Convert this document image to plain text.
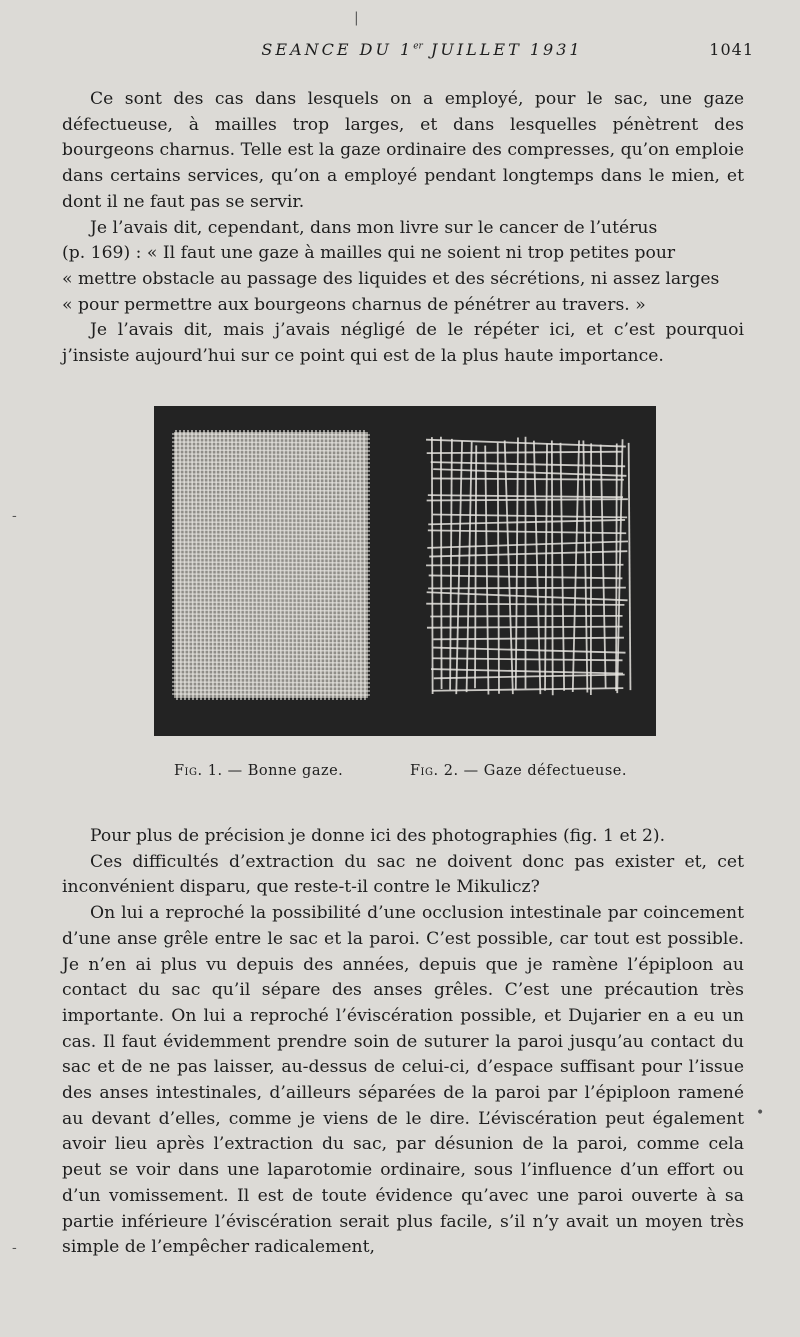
SEANCE DU 1er JUILLET 1931	1041

Ce sont des cas dans lesquels on a employé, pour le sac, une gaze défectueuse, à mailles trop larges, et dans lesquelles pénètrent des bourgeons charnus. Telle est la gaze ordinaire des compresses, qu’on emploie dans certains services, qu’on a employé pendant longtemps dans le mien, et dont il ne faut pas se servir.

Je l’avais dit, cependant, dans mon livre sur le cancer de l’utérus

(p. 169) : « Il faut une gaze à mailles qui ne soient ni trop petites pour

« mettre obstacle au passage des liquides et des sécrétions, ni assez larges

« pour permettre aux bourgeons charnus de pénétrer au travers. »

Je l’avais dit, mais j’avais négligé de le répéter ici, et c’est pourquoi j’insiste aujourd’hui sur ce point qui est de la plus haute importance.

Fig. 1. — Bonne gaze.	Fig. 2. — Gaze défectueuse.

Pour plus de précision je donne ici des photographies (fig. 1 et 2).

Ces difficultés d’extraction du sac ne doivent donc pas exister et, cet inconvénient disparu, que reste-t-il contre le Mikulicz?

On lui a reproché la possibilité d’une occlusion intestinale par coincement d’une anse grêle entre le sac et la paroi. C’est possible, car tout est possible. Je n’en ai plus vu depuis des années, depuis que je ramène l’épiploon au contact du sac qu’il sépare des anses grêles. C’est une précaution très importante. On lui a reproché l’éviscération possible, et Dujarier en a eu un cas. Il faut évidemment prendre soin de suturer la paroi jusqu’au contact du sac et de ne pas laisser, au-dessus de celui-ci, d’espace suffisant pour l’issue des anses intestinales, d’ailleurs séparées de la paroi par l’épiploon ramené au devant d’elles, comme je viens de le dire. L’éviscération peut également avoir lieu après l’extraction du sac, par désunion de la paroi, comme cela peut se voir dans une laparotomie ordinaire, sous l’influence d’un effort ou d’un vomissement. Il est de toute évidence qu’avec une paroi ouverte à sa partie inférieure l’éviscération serait plus facile, s’il n’y avait un moyen très simple de l’empêcher radicalement,

|
-
-
•
